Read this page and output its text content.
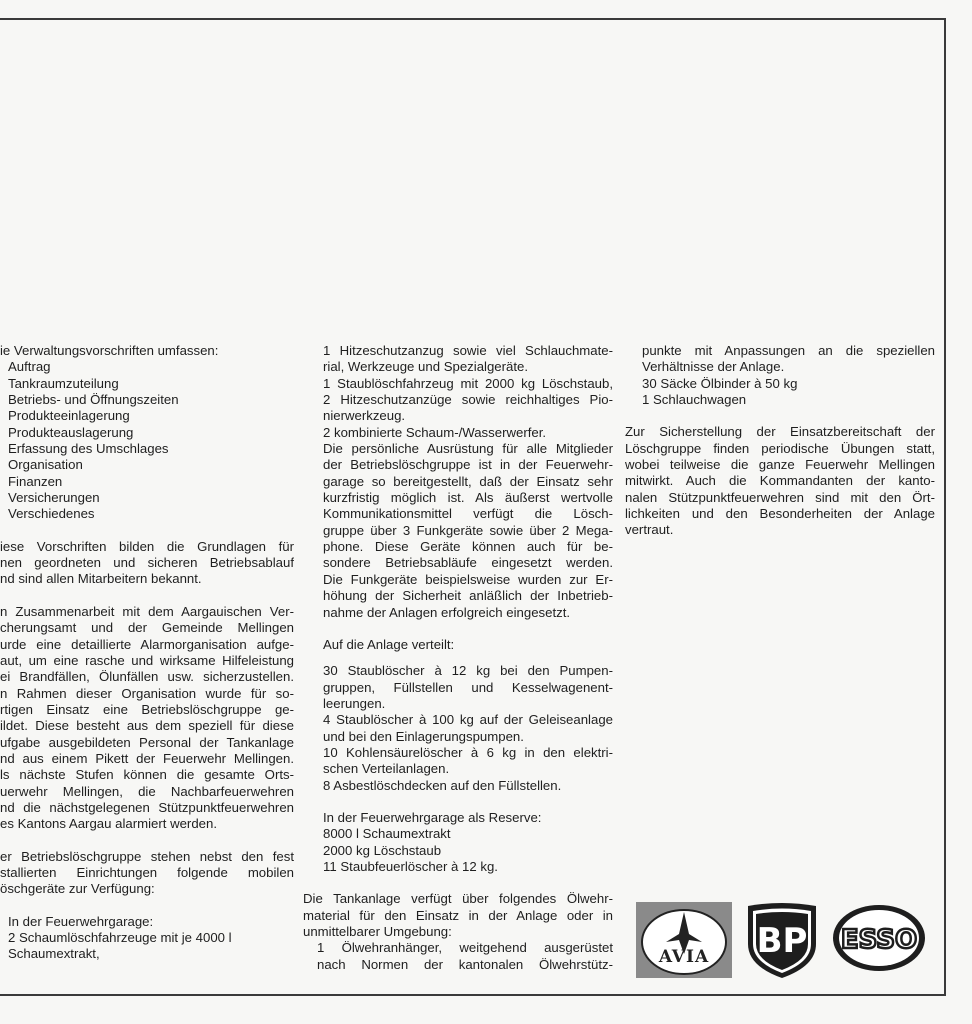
ie Verwaltungsvorschriften umfassen:

Auftrag

Tankraumzuteilung

Betriebs- und Öffnungszeiten

Produkteeinlagerung

Produkteauslagerung

Erfassung des Umschlages

Organisation

Finanzen

Versicherungen

Verschiedenes

iese Vorschriften bilden die Grundlagen für

nen geordneten und sicheren Betriebsablauf

nd sind allen Mitarbeitern bekannt.

n Zusammenarbeit mit dem Aargauischen Ver-

cherungsamt und der Gemeinde Mellingen

urde eine detaillierte Alarmorganisation aufge-

aut, um eine rasche und wirksame Hilfeleistung

ei Brandfällen, Ölunfällen usw. sicherzustellen.

n Rahmen dieser Organisation wurde für so-

rtigen Einsatz eine Betriebslöschgruppe ge-

ildet. Diese besteht aus dem speziell für diese

ufgabe ausgebildeten Personal der Tankanlage

nd aus einem Pikett der Feuerwehr Mellingen.

ls nächste Stufen können die gesamte Orts-

uerwehr Mellingen, die Nachbarfeuerwehren

nd die nächstgelegenen Stützpunktfeuerwehren

es Kantons Aargau alarmiert werden.

er Betriebslöschgruppe stehen nebst den fest

stallierten Einrichtungen folgende mobilen

öschgeräte zur Verfügung:

In der Feuerwehrgarage:

2 Schaumlöschfahrzeuge mit je 4000 l

Schaumextrakt,

1 Hitzeschutzanzug sowie viel Schlauchmate-

rial, Werkzeuge und Spezialgeräte.

1 Staublöschfahrzeug mit 2000 kg Löschstaub,

2 Hitzeschutzanzüge sowie reichhaltiges Pio-

nierwerkzeug.

2 kombinierte Schaum-/Wasserwerfer.

Die persönliche Ausrüstung für alle Mitglieder

der Betriebslöschgruppe ist in der Feuerwehr-

garage so bereitgestellt, daß der Einsatz sehr

kurzfristig möglich ist. Als äußerst wertvolle

Kommunikationsmittel verfügt die Lösch-

gruppe über 3 Funkgeräte sowie über 2 Mega-

phone. Diese Geräte können auch für be-

sondere Betriebsabläufe eingesetzt werden.

Die Funkgeräte beispielsweise wurden zur Er-

höhung der Sicherheit anläßlich der Inbetrieb-

nahme der Anlagen erfolgreich eingesetzt.

Auf die Anlage verteilt:

30 Staublöscher à 12 kg bei den Pumpen-

gruppen, Füllstellen und Kesselwagenent-

leerungen.

4 Staublöscher à 100 kg auf der Geleiseanlage

und bei den Einlagerungspumpen.

10 Kohlensäurelöscher à 6 kg in den elektri-

schen Verteilanlagen.

8 Asbestlöschdecken auf den Füllstellen.

In der Feuerwehrgarage als Reserve:

8000 l Schaumextrakt

2000 kg Löschstaub

11 Staubfeuerlöscher à 12 kg.

Die Tankanlage verfügt über folgendes Ölwehr-

material für den Einsatz in der Anlage oder in

unmittelbarer Umgebung:

1 Ölwehranhänger, weitgehend ausgerüstet

nach Normen der kantonalen Ölwehrstütz-

punkte mit Anpassungen an die speziellen

Verhältnisse der Anlage.

30 Säcke Ölbinder à 50 kg

1 Schlauchwagen

Zur Sicherstellung der Einsatzbereitschaft der

Löschgruppe finden periodische Übungen statt,

wobei teilweise die ganze Feuerwehr Mellingen

mitwirkt. Auch die Kommandanten der kanto-

nalen Stützpunktfeuerwehren sind mit den Ört-

lichkeiten und den Besonderheiten der Anlage

vertraut.

AVIA BP ESSO
